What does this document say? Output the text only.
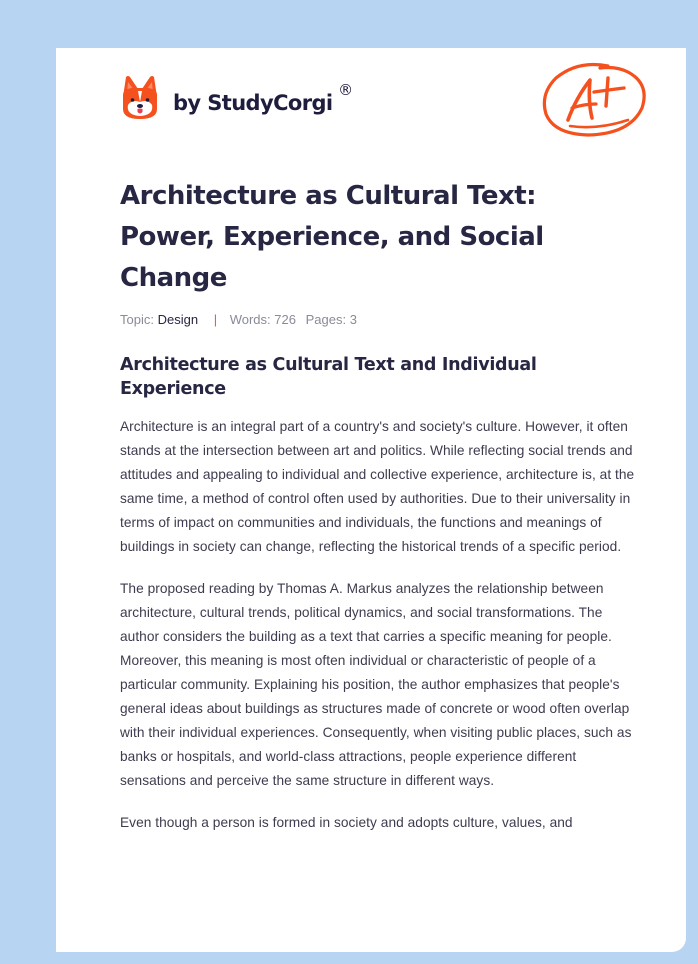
by StudyCorgi
®
Architecture as Cultural Text: Power, Experience, and Social Change
Topic: Design | Words: 726 Pages: 3
Architecture as Cultural Text and Individual Experience

Architecture is an integral part of a country's and society's culture. However, it often stands at the intersection between art and politics. While reflecting social trends and attitudes and appealing to individual and collective experience, architecture is, at the same time, a method of control often used by authorities. Due to their universality in terms of impact on communities and individuals, the functions and meanings of buildings in society can change, reflecting the historical trends of a specific period.

The proposed reading by Thomas A. Markus analyzes the relationship between architecture, cultural trends, political dynamics, and social transformations. The author considers the building as a text that carries a specific meaning for people. Moreover, this meaning is most often individual or characteristic of people of a particular community. Explaining his position, the author emphasizes that people's general ideas about buildings as structures made of concrete or wood often overlap with their individual experiences. Consequently, when visiting public places, such as banks or hospitals, and world-class attractions, people experience different sensations and perceive the same structure in different ways.

Even though a person is formed in society and adopts culture, values, and
